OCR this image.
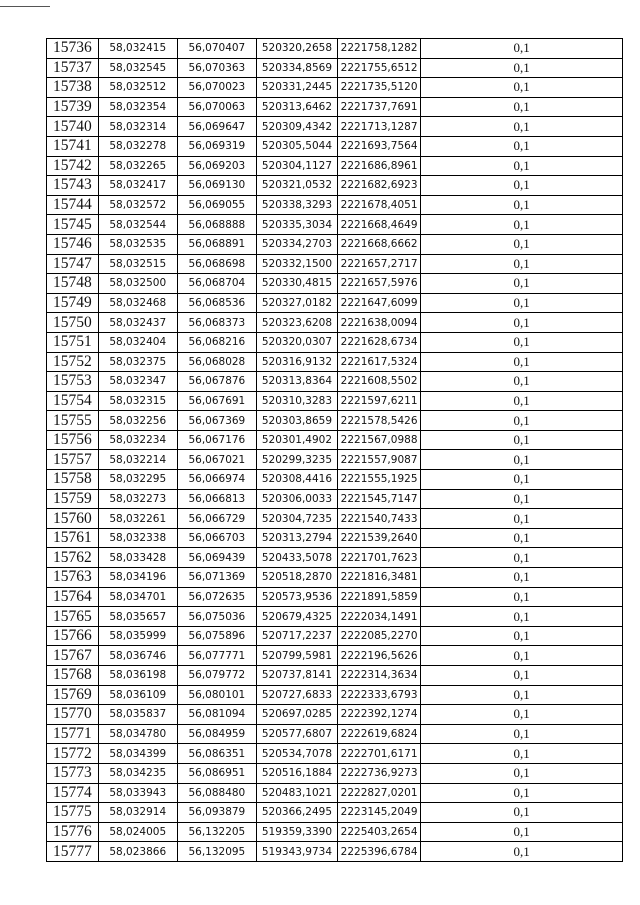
15736	58,032415	56,070407	520320,2658	2221758,1282	0,1
15737	58,032545	56,070363	520334,8569	2221755,6512	0,1
15738	58,032512	56,070023	520331,2445	2221735,5120	0,1
15739	58,032354	56,070063	520313,6462	2221737,7691	0,1
15740	58,032314	56,069647	520309,4342	2221713,1287	0,1
15741	58,032278	56,069319	520305,5044	2221693,7564	0,1
15742	58,032265	56,069203	520304,1127	2221686,8961	0,1
15743	58,032417	56,069130	520321,0532	2221682,6923	0,1
15744	58,032572	56,069055	520338,3293	2221678,4051	0,1
15745	58,032544	56,068888	520335,3034	2221668,4649	0,1
15746	58,032535	56,068891	520334,2703	2221668,6662	0,1
15747	58,032515	56,068698	520332,1500	2221657,2717	0,1
15748	58,032500	56,068704	520330,4815	2221657,5976	0,1
15749	58,032468	56,068536	520327,0182	2221647,6099	0,1
15750	58,032437	56,068373	520323,6208	2221638,0094	0,1
15751	58,032404	56,068216	520320,0307	2221628,6734	0,1
15752	58,032375	56,068028	520316,9132	2221617,5324	0,1
15753	58,032347	56,067876	520313,8364	2221608,5502	0,1
15754	58,032315	56,067691	520310,3283	2221597,6211	0,1
15755	58,032256	56,067369	520303,8659	2221578,5426	0,1
15756	58,032234	56,067176	520301,4902	2221567,0988	0,1
15757	58,032214	56,067021	520299,3235	2221557,9087	0,1
15758	58,032295	56,066974	520308,4416	2221555,1925	0,1
15759	58,032273	56,066813	520306,0033	2221545,7147	0,1
15760	58,032261	56,066729	520304,7235	2221540,7433	0,1
15761	58,032338	56,066703	520313,2794	2221539,2640	0,1
15762	58,033428	56,069439	520433,5078	2221701,7623	0,1
15763	58,034196	56,071369	520518,2870	2221816,3481	0,1
15764	58,034701	56,072635	520573,9536	2221891,5859	0,1
15765	58,035657	56,075036	520679,4325	2222034,1491	0,1
15766	58,035999	56,075896	520717,2237	2222085,2270	0,1
15767	58,036746	56,077771	520799,5981	2222196,5626	0,1
15768	58,036198	56,079772	520737,8141	2222314,3634	0,1
15769	58,036109	56,080101	520727,6833	2222333,6793	0,1
15770	58,035837	56,081094	520697,0285	2222392,1274	0,1
15771	58,034780	56,084959	520577,6807	2222619,6824	0,1
15772	58,034399	56,086351	520534,7078	2222701,6171	0,1
15773	58,034235	56,086951	520516,1884	2222736,9273	0,1
15774	58,033943	56,088480	520483,1021	2222827,0201	0,1
15775	58,032914	56,093879	520366,2495	2223145,2049	0,1
15776	58,024005	56,132205	519359,3390	2225403,2654	0,1
15777	58,023866	56,132095	519343,9734	2225396,6784	0,1
